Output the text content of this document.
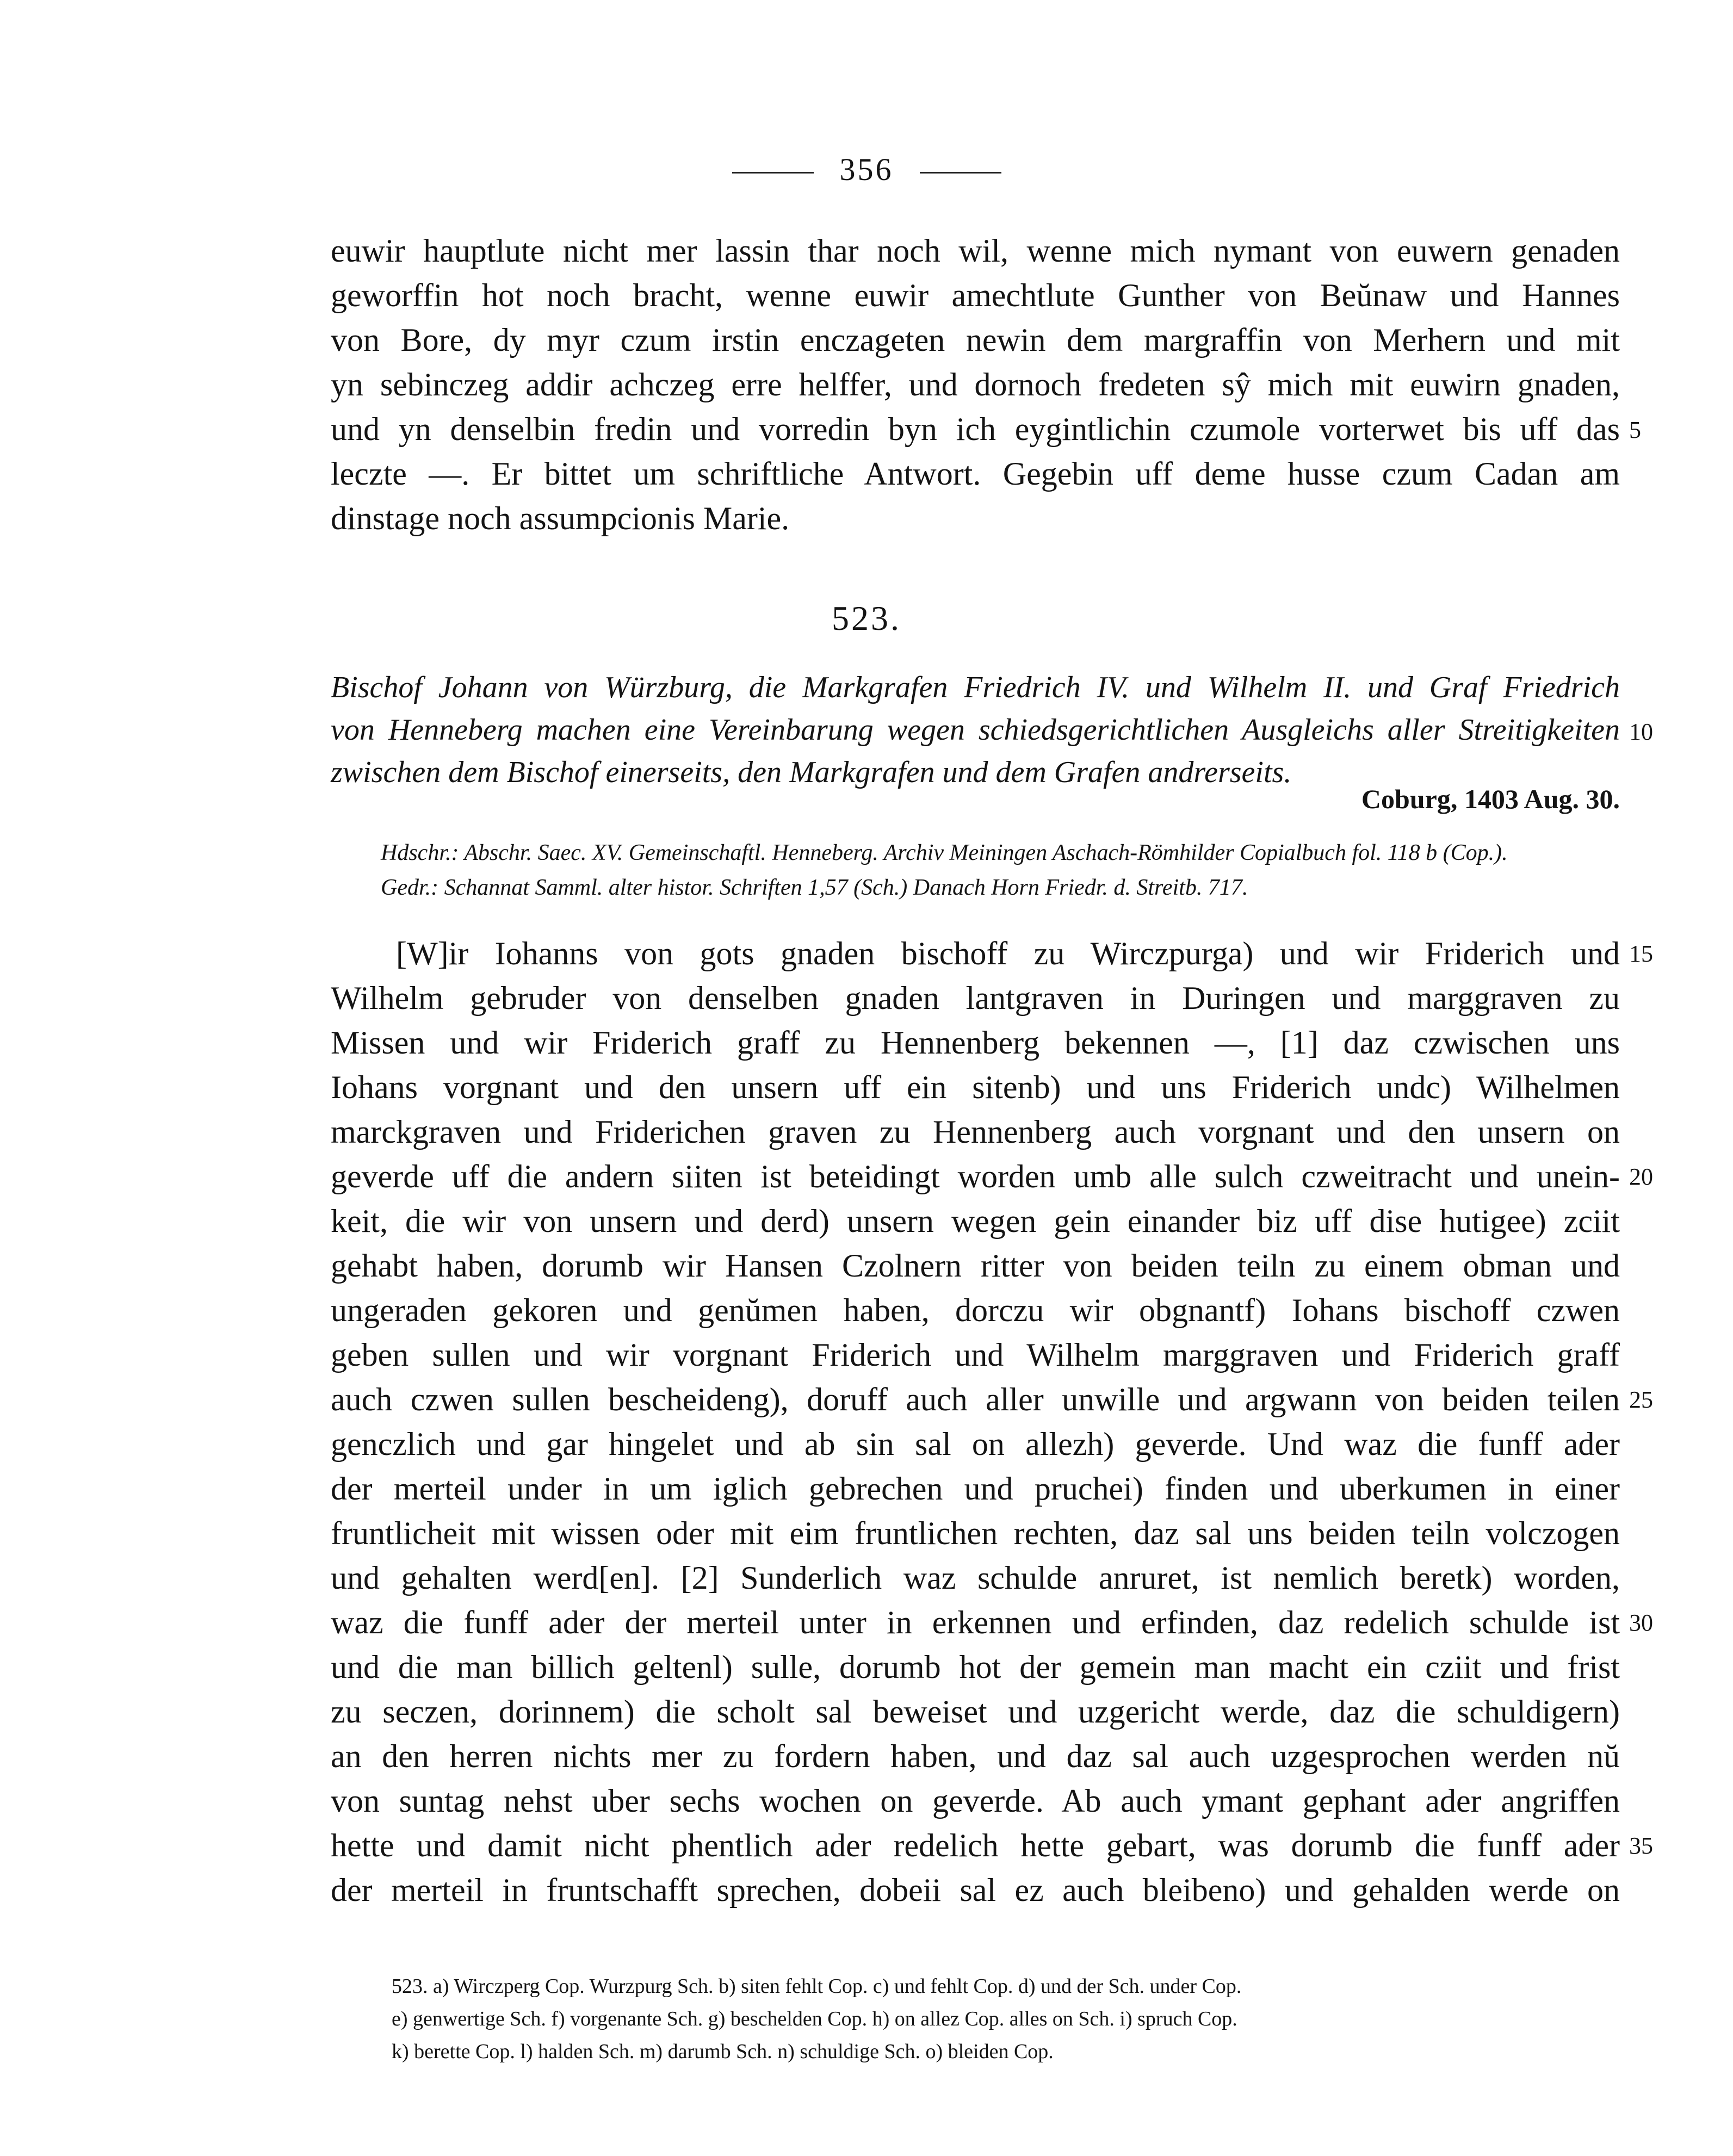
356
euwir hauptlute nicht mer lassin thar noch wil, wenne mich nymant von euwern genaden
geworffin hot noch bracht, wenne euwir amechtlute Gunther von Beŭnaw und Hannes
von Bore, dy myr czum irstin enczageten newin dem margraffin von Merhern und mit
yn sebinczeg addir achczeg erre helffer, und dornoch fredeten sŷ mich mit euwirn gnaden,
und yn denselbin fredin und vorredin byn ich eygintlichin czumole vorterwet bis uff das
leczte —. Er bittet um schriftliche Antwort. Gegebin uff deme husse czum Cadan am
dinstage noch assumpcionis Marie.
523.
Bischof Johann von Würzburg, die Markgrafen Friedrich IV. und Wilhelm II. und Graf Friedrich
von Henneberg machen eine Vereinbarung wegen schiedsgerichtlichen Ausgleichs aller Streitigkeiten
zwischen dem Bischof einerseits, den Markgrafen und dem Grafen andrerseits.
Coburg, 1403 Aug. 30.
Hdschr.: Abschr. Saec. XV. Gemeinschaftl. Henneberg. Archiv Meiningen Aschach-Römhilder Copialbuch fol. 118 b (Cop.).
Gedr.: Schannat Samml. alter histor. Schriften 1,57 (Sch.) Danach Horn Friedr. d. Streitb. 717.
[W]ir Iohanns von gots gnaden bischoff zu Wirczpurga) und wir Friderich und
Wilhelm gebruder von denselben gnaden lantgraven in Duringen und marggraven zu
Missen und wir Friderich graff zu Hennenberg bekennen —, [1] daz czwischen uns
Iohans vorgnant und den unsern uff ein sitenb) und uns Friderich undc) Wilhelmen
marckgraven und Friderichen graven zu Hennenberg auch vorgnant und den unsern on
geverde uff die andern siiten ist beteidingt worden umb alle sulch czweitracht und unein-
keit, die wir von unsern und derd) unsern wegen gein einander biz uff dise hutigee) zciit
gehabt haben, dorumb wir Hansen Czolnern ritter von beiden teiln zu einem obman und
ungeraden gekoren und genŭmen haben, dorczu wir obgnantf) Iohans bischoff czwen
geben sullen und wir vorgnant Friderich und Wilhelm marggraven und Friderich graff
auch czwen sullen bescheideng), doruff auch aller unwille und argwann von beiden teilen
genczlich und gar hingelet und ab sin sal on allezh) geverde. Und waz die funff ader
der merteil under in um iglich gebrechen und pruchei) finden und uberkumen in einer
fruntlicheit mit wissen oder mit eim fruntlichen rechten, daz sal uns beiden teiln volczogen
und gehalten werd[en]. [2] Sunderlich waz schulde anruret, ist nemlich beretk) worden,
waz die funff ader der merteil unter in erkennen und erfinden, daz redelich schulde ist
und die man billich geltenl) sulle, dorumb hot der gemein man macht ein cziit und frist
zu seczen, dorinnem) die scholt sal beweiset und uzgericht werde, daz die schuldigern)
an den herren nichts mer zu fordern haben, und daz sal auch uzgesprochen werden nŭ
von suntag nehst uber sechs wochen on geverde. Ab auch ymant gephant ader angriffen
hette und damit nicht phentlich ader redelich hette gebart, was dorumb die funff ader
der merteil in fruntschafft sprechen, dobeii sal ez auch bleibeno) und gehalden werde on
5
10
15
20
25
30
35
523. a) Wirczperg Cop. Wurzpurg Sch. b) siten fehlt Cop. c) und fehlt Cop. d) und der Sch. under Cop.
e) genwertige Sch. f) vorgenante Sch. g) beschelden Cop. h) on allez Cop. alles on Sch. i) spruch Cop.
k) berette Cop. l) halden Sch. m) darumb Sch. n) schuldige Sch. o) bleiden Cop.
